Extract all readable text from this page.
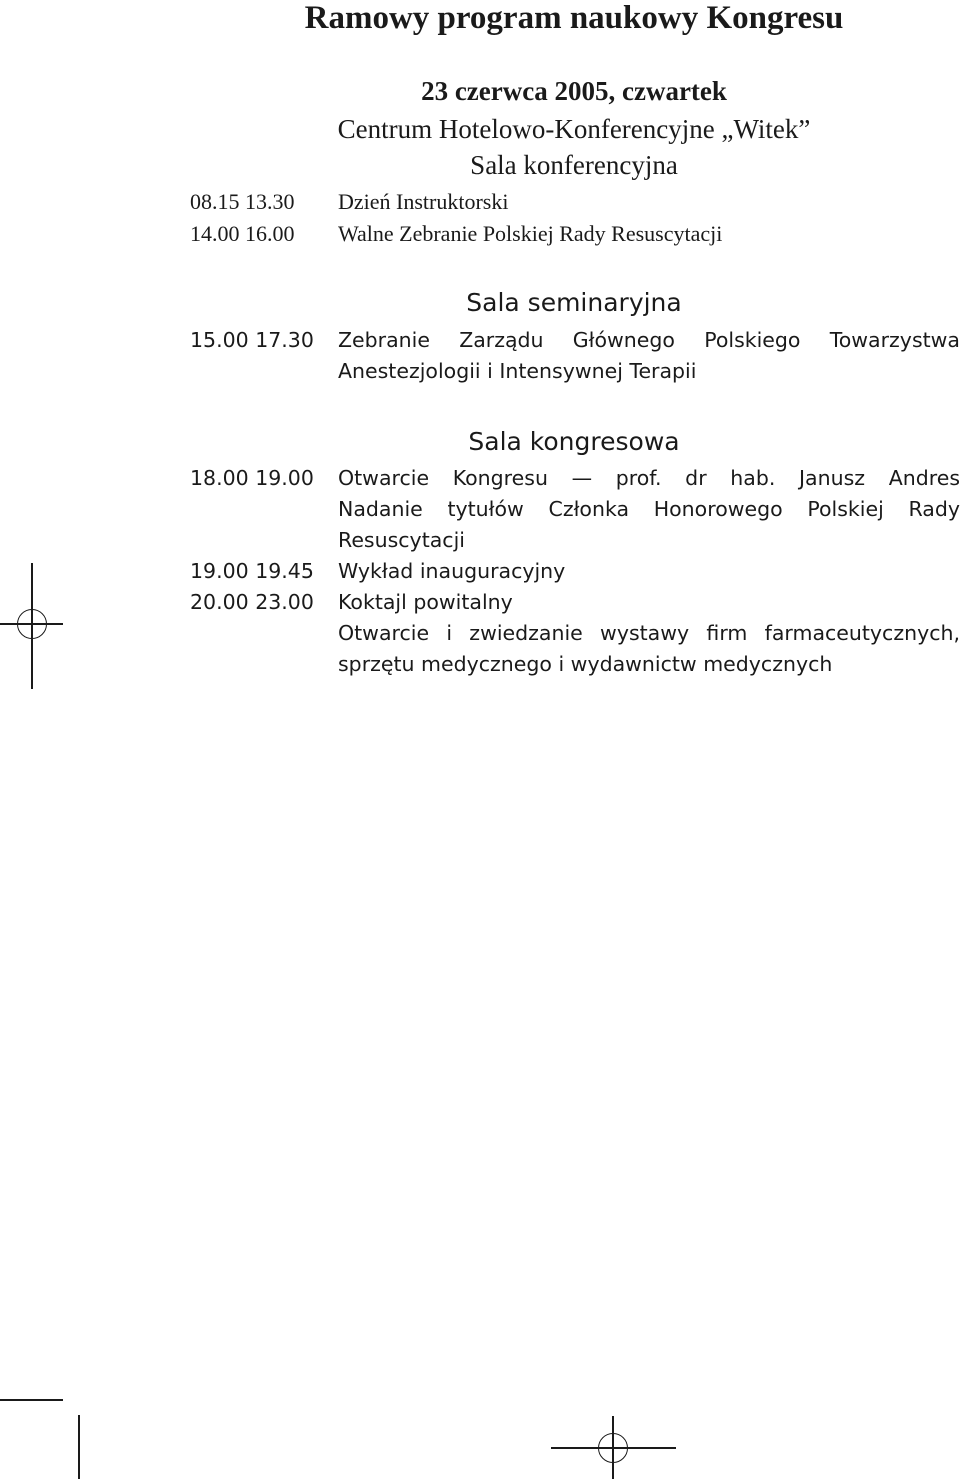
Ramowy program naukowy Kongresu
23 czerwca 2005, czwartek
Centrum Hotelowo-Konferencyjne „Witek”
Sala konferencyjna
08.15 13.30 Dzień Instruktorski
14.00 16.00 Walne Zebranie Polskiej Rady Resuscytacji
Sala seminaryjna
15.00 17.30 Zebranie Zarządu Głównego Polskiego Towarzystwa
Anestezjologii i Intensywnej Terapii
Sala kongresowa
18.00 19.00 Otwarcie Kongresu — prof. dr hab. Janusz Andres
Nadanie tytułów Członka Honorowego Polskiej Rady
Resuscytacji
19.00 19.45 Wykład inauguracyjny
20.00 23.00 Koktajl powitalny
Otwarcie i zwiedzanie wystawy firm farmaceutycznych,
sprzętu medycznego i wydawnictw medycznych
